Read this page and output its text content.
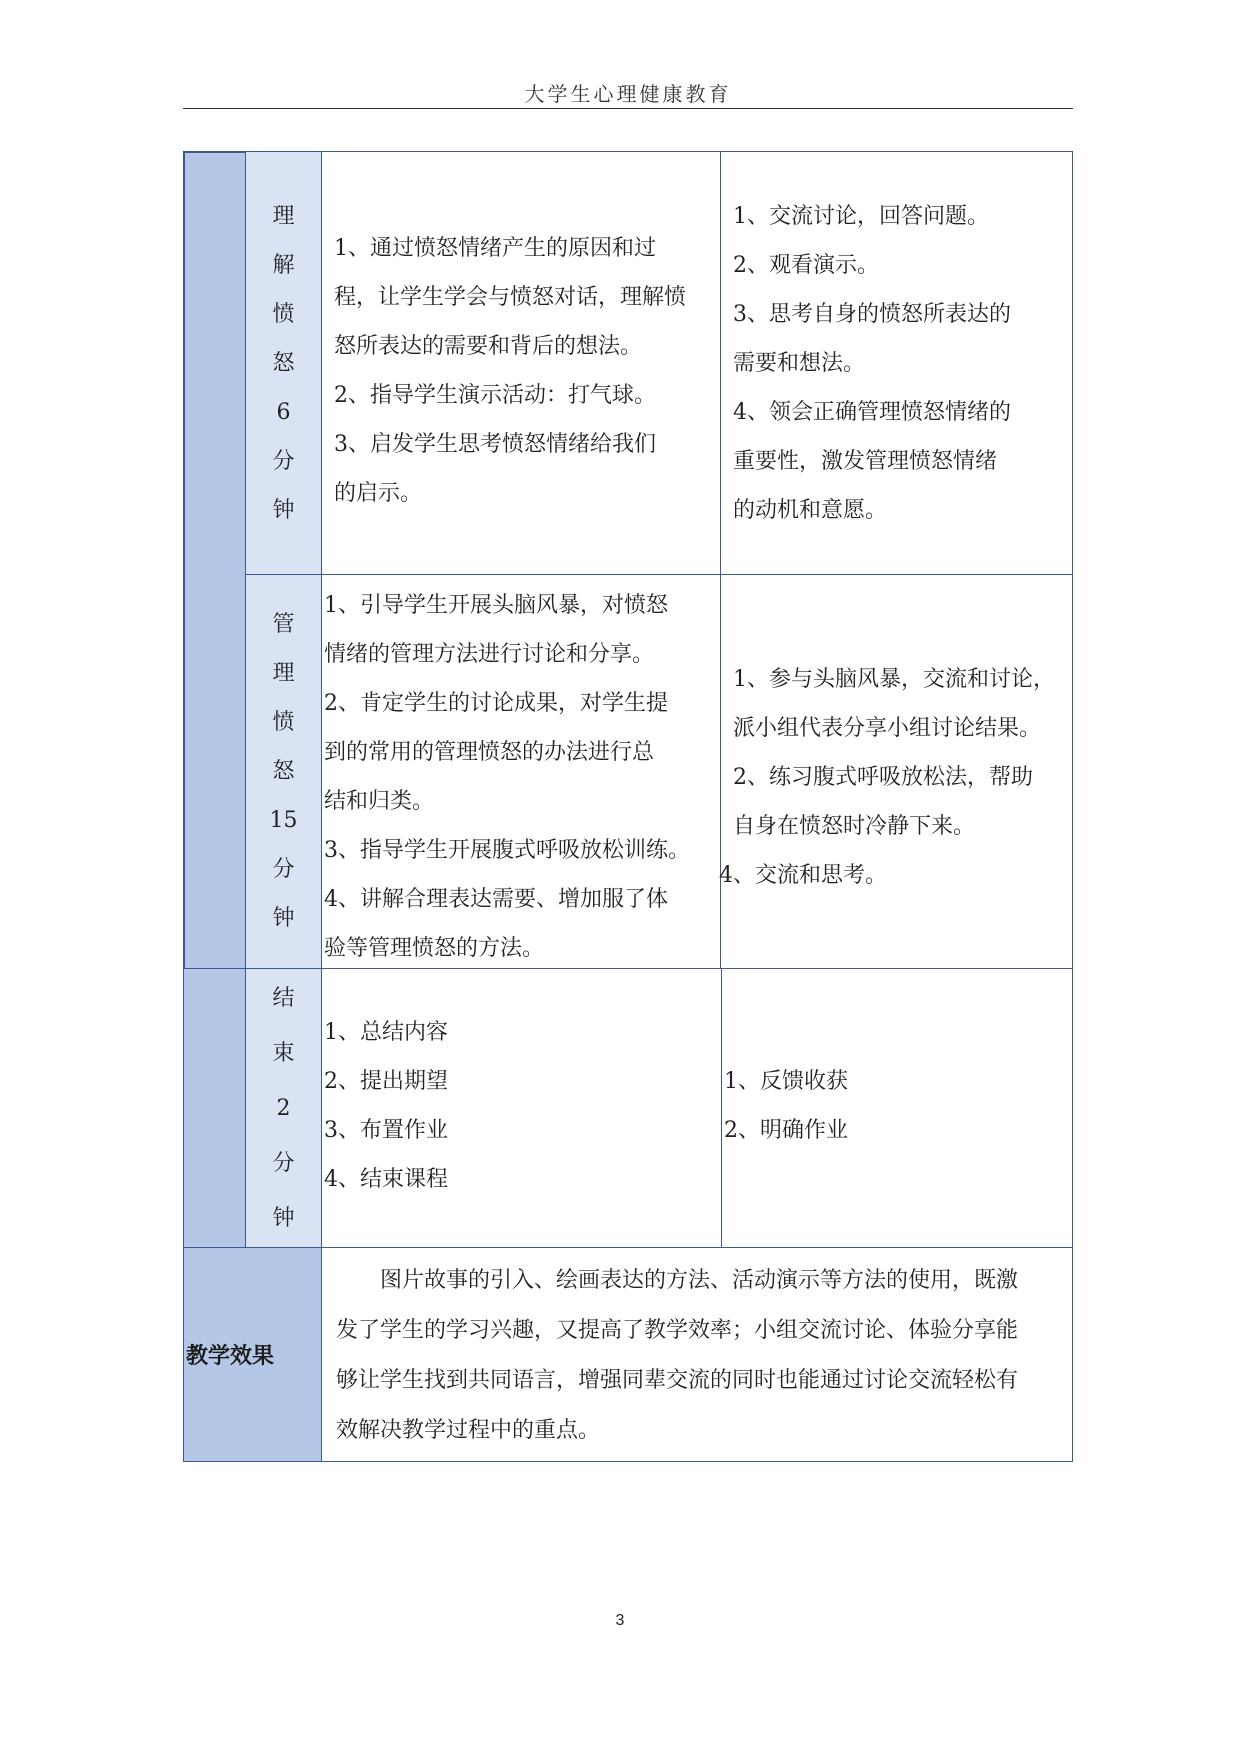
大学生心理健康教育
理
解
愤
怒
6
分
钟

1、通过愤怒情绪产生的原因和过

程，让学生学会与愤怒对话，理解愤

怒所表达的需要和背后的想法。

2、指导学生演示活动：打气球。

3、启发学生思考愤怒情绪给我们

的启示。

1、交流讨论，回答问题。

2、观看演示。

3、思考自身的愤怒所表达的

需要和想法。

4、领会正确管理愤怒情绪的

重要性，激发管理愤怒情绪

的动机和意愿。

管
理
愤
怒
15
分
钟

1、引导学生开展头脑风暴，对愤怒

情绪的管理方法进行讨论和分享。

2、肯定学生的讨论成果，对学生提

到的常用的管理愤怒的办法进行总

结和归类。

3、指导学生开展腹式呼吸放松训练。

4、讲解合理表达需要、增加服了体

验等管理愤怒的方法。

1、参与头脑风暴，交流和讨论，

派小组代表分享小组讨论结果。

2、练习腹式呼吸放松法，帮助

自身在愤怒时冷静下来。

4、交流和思考。

结
束
2
分
钟

1、总结内容

2、提出期望

3、布置作业

4、结束课程

1、反馈收获

2、明确作业

教学效果

图片故事的引入、绘画表达的方法、活动演示等方法的使用，既激

发了学生的学习兴趣，又提高了教学效率；小组交流讨论、体验分享能

够让学生找到共同语言，增强同辈交流的同时也能通过讨论交流轻松有

效解决教学过程中的重点。

3
